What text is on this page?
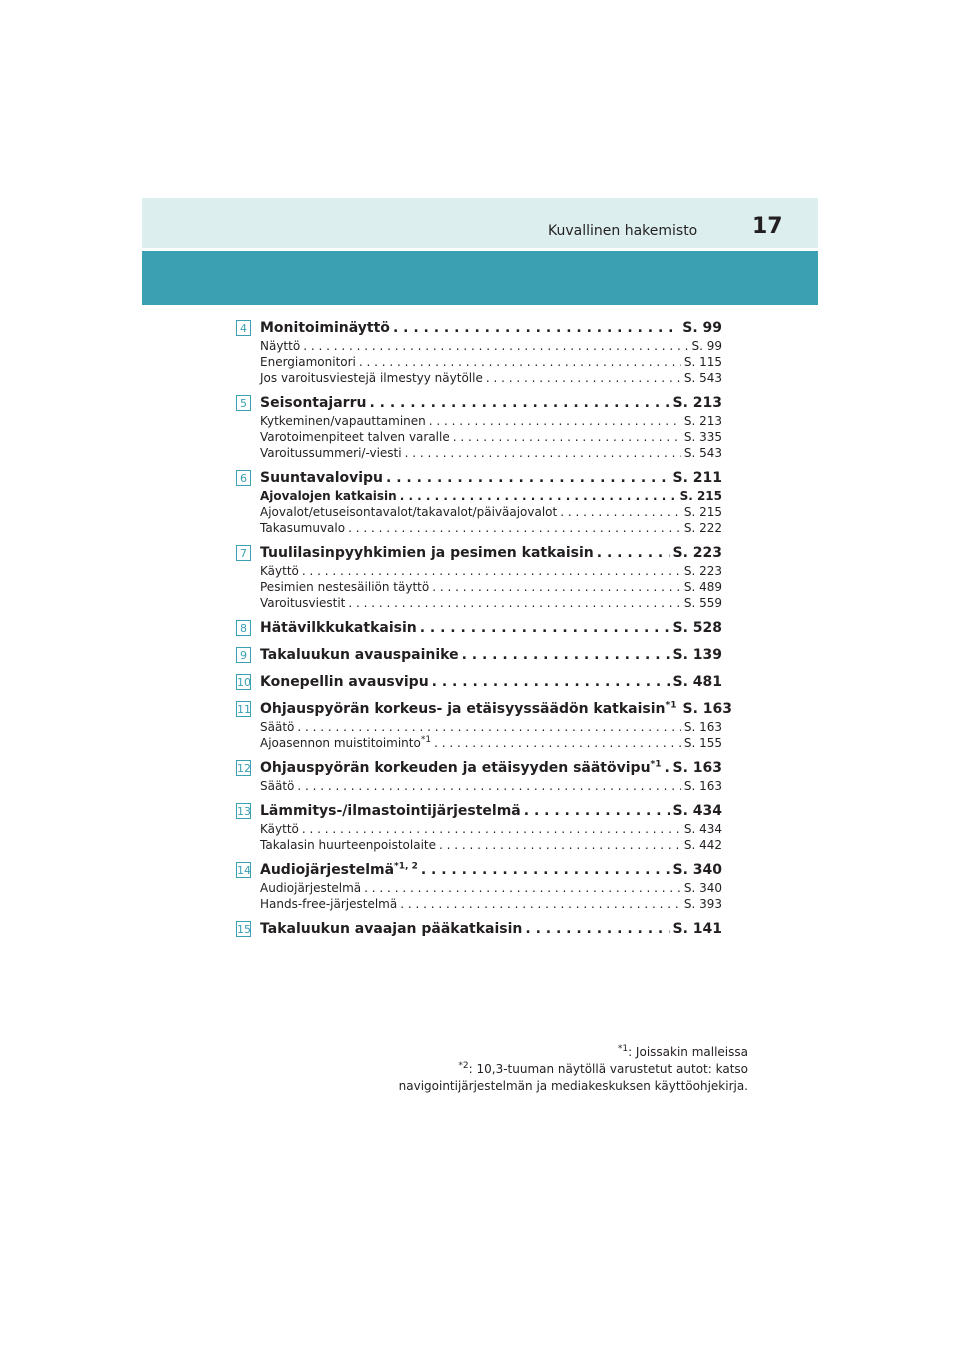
Kuvallinen hakemisto 17
4 Monitoiminäyttö . . .	S. 99
Näyttö . . .	S. 99
Energiamonitori . . .	S. 115
Jos varoitusviestejä ilmestyy näytölle . . .	S. 543
5 Seisontajarru . . .	S. 213
Kytkeminen/vapauttaminen . . .	S. 213
Varotoimenpiteet talven varalle . . .	S. 335
Varoitussummeri/-viesti . . .	S. 543
6 Suuntavalovipu . . .	S. 211
Ajovalojen katkaisin . . .	S. 215
Ajovalot/etuseisontavalot/takavalot/päiväajovalot . . .	S. 215
Takasumuvalo . . .	S. 222
7 Tuulilasinpyyhkimien ja pesimen katkaisin . . .	S. 223
Käyttö . . .	S. 223
Pesimien nestesäiliön täyttö . . .	S. 489
Varoitusviestit . . .	S. 559
8 Hätävilkkukatkaisin . . .	S. 528
9 Takaluukun avauspainike . . .	S. 139
10 Konepellin avausvipu . . .	S. 481
11 Ohjauspyörän korkeus- ja etäisyyssäädön katkaisin$^{*1}$ S. 163
Säätö . . .	S. 163
Ajoasennon muistitoiminto$^{*1}$ . . .	S. 155
12 Ohjauspyörän korkeuden ja etäisyyden säätövipu$^{*1}$ . . . S. 163
Säätö . . .	S. 163
13 Lämmitys-/ilmastointijärjestelmä . . .	S. 434
Käyttö . . .	S. 434
Takalasin huurteenpoistolaite . . .	S. 442
14 Audiojärjestelmä$^{*1, 2}$ . . .	S. 340
Audiojärjestelmä . . .	S. 340
Hands-free-järjestelmä . . .	S. 393
15 Takaluukun avaajan pääkatkaisin . . .	S. 141
$^{*1}$: Joissakin malleissa
$^{*2}$: 10,3-tuuman näytöllä varustetut autot: katso
navigointijärjestelmän ja mediakeskuksen käyttöohjekirja.
